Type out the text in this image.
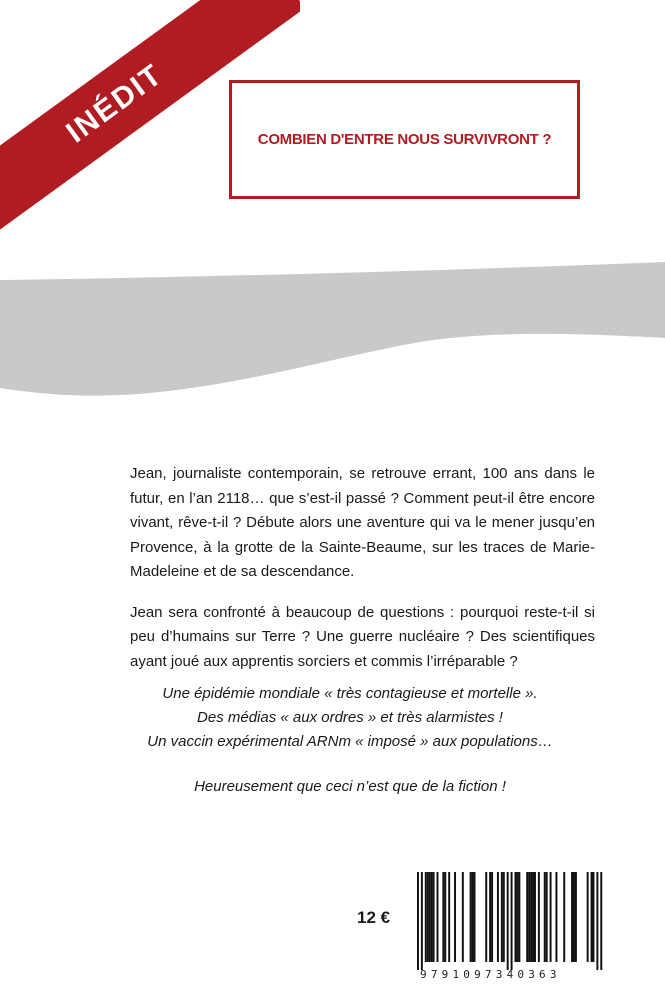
INÉDIT	COMBIEN D'ENTRE NOUS SURVIVRONT ?

Jean, journaliste contemporain, se retrouve errant, 100 ans dans le futur, en l’an 2118… que s’est-il passé ? Comment peut-il être encore vivant, rêve-t-il ? Débute alors une aventure qui va le mener jusqu’en Provence, à la grotte de la Sainte-Beaume, sur les traces de Marie-Madeleine et de sa descendance.

Jean sera confronté à beaucoup de questions : pourquoi reste-t-il si peu d’humains sur Terre ? Une guerre nucléaire ? Des scientifiques ayant joué aux apprentis sorciers et commis l’irréparable ?

Une épidémie mondiale « très contagieuse et mortelle ».
Des médias « aux ordres » et très alarmistes !
Un vaccin expérimental ARNm « imposé » aux populations…
Heureusement que ceci n’est que de la fiction !
12 €
9791097340363
